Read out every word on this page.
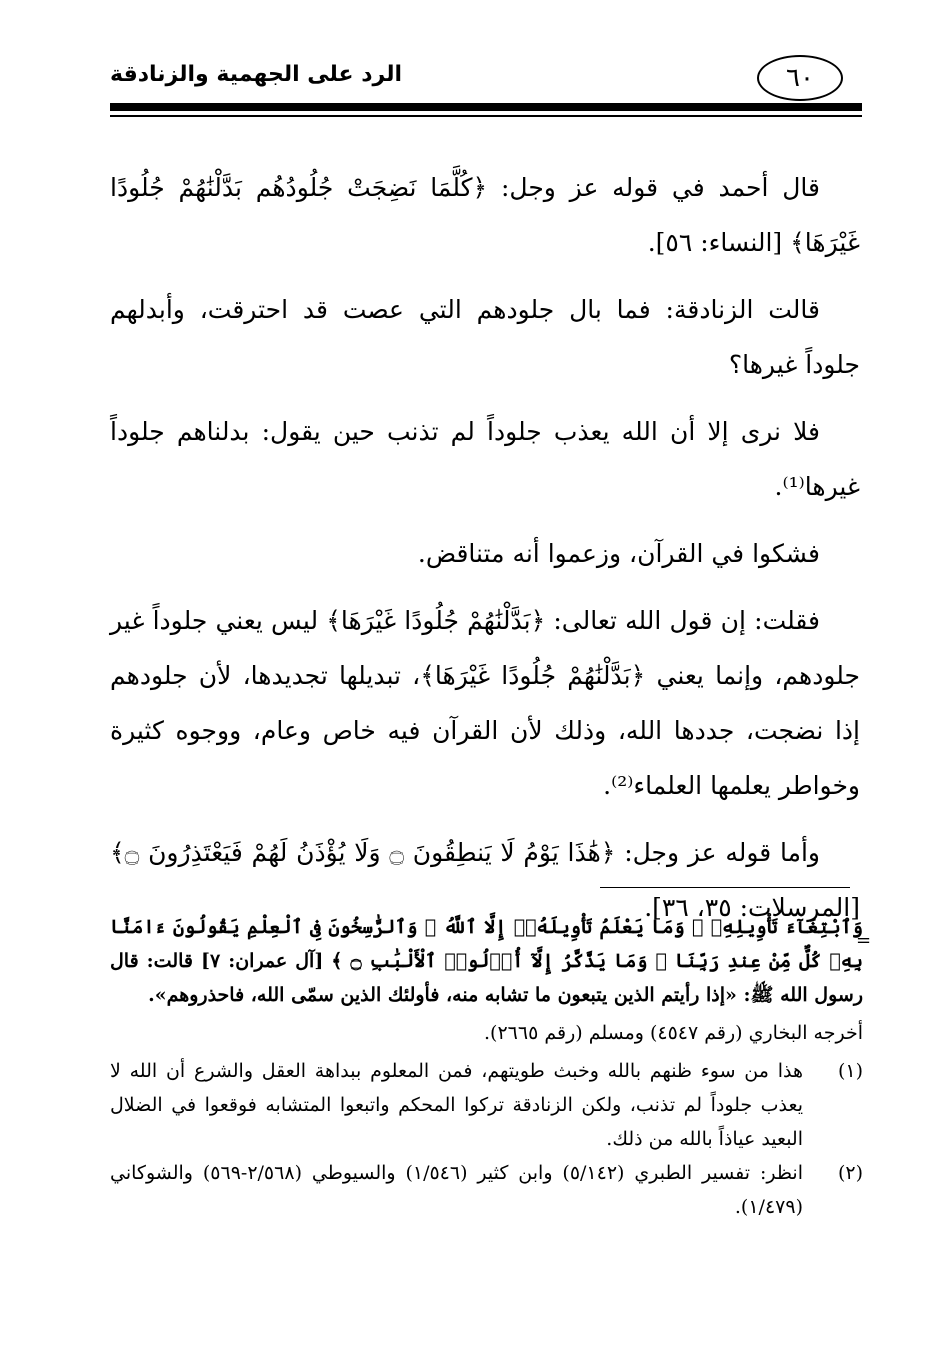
٦٠
الرد على الجهمية والزنادقة

قال أحمد في قوله عز وجل: ﴿كُلَّمَا نَضِجَتْ جُلُودُهُم بَدَّلْنَٰهُمْ جُلُودًا غَيْرَهَا﴾ [النساء: ٥٦].

قالت الزنادقة: فما بال جلودهم التي عصت قد احترقت، وأبدلهم جلوداً غيرها؟

فلا نرى إلا أن الله يعذب جلوداً لم تذنب حين يقول: بدلناهم جلوداً غيرها⁽¹⁾.

فشكوا في القرآن، وزعموا أنه متناقض.

فقلت: إن قول الله تعالى: ﴿بَدَّلْنَٰهُمْ جُلُودًا غَيْرَهَا﴾ ليس يعني جلوداً غير جلودهم، وإنما يعني ﴿بَدَّلْنَٰهُمْ جُلُودًا غَيْرَهَا﴾، تبديلها تجديدها، لأن جلودهم إذا نضجت، جددها الله، وذلك لأن القرآن فيه خاص وعام، ووجوه كثيرة وخواطر يعلمها العلماء⁽²⁾.

وأما قوله عز وجل: ﴿هَٰذَا يَوْمُ لَا يَنطِقُونَ ۝ وَلَا يُؤْذَنُ لَهُمْ فَيَعْتَذِرُونَ ۝﴾ [المرسلات: ٣٥، ٣٦].

=

وَٱبْتِغَآءَ تَأْوِيلِهِۦ ۗ وَمَا يَعْلَمُ تَأْوِيلَهُۥٓ إِلَّا ٱللَّهُ ۗ وَٱلرَّٰسِخُونَ فِى ٱلْعِلْمِ يَقُولُونَ ءَامَنَّا بِهِۦ كُلٌّ مِّنْ عِندِ رَبِّنَا ۗ وَمَا يَذَّكَّرُ إِلَّآ أُو۟لُوا۟ ٱلْأَلْبَٰبِ ۝ ﴾ [آل عمران: ٧] قالت: قال رسول الله ﷺ: «إذا رأيتم الذين يتبعون ما تشابه منه، فأولئك الذين سمّى الله، فاحذروهم».

أخرجه البخاري (رقم ٤٥٤٧) ومسلم (رقم ٢٦٦٥).

(١)
هذا من سوء ظنهم بالله وخبث طويتهم، فمن المعلوم ببداهة العقل والشرع أن الله لا يعذب جلوداً لم تذنب، ولكن الزنادقة تركوا المحكم واتبعوا المتشابه فوقعوا في الضلال البعيد عياذاً بالله من ذلك.
(٢)
انظر: تفسير الطبري (٥/١٤٢) وابن كثير (١/٥٤٦) والسيوطي (٢/٥٦٨-٥٦٩) والشوكاني (١/٤٧٩).
